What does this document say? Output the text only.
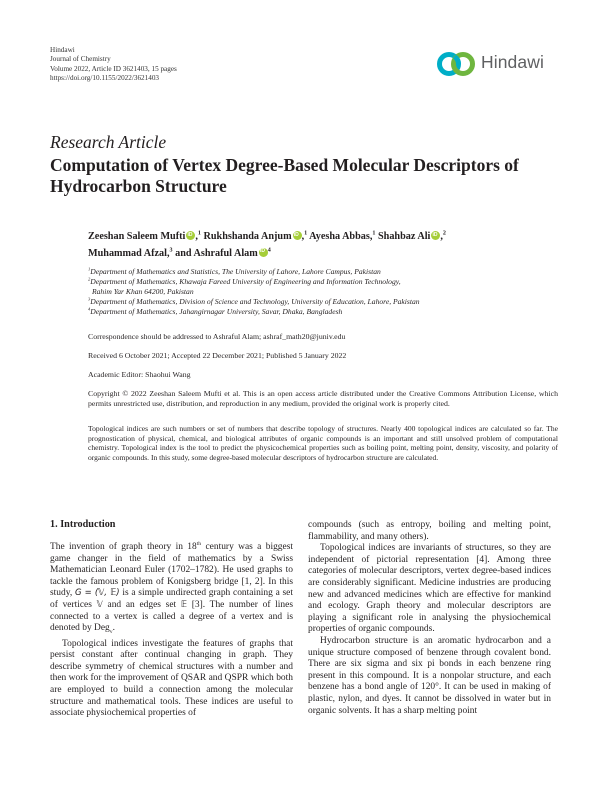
Hindawi
Journal of Chemistry
Volume 2022, Article ID 3621403, 15 pages
https://doi.org/10.1155/2022/3621403
Hindawi
Research Article
Computation of Vertex Degree-Based Molecular Descriptors of Hydrocarbon Structure
Zeeshan Saleem Mufti iD ,$^1$ Rukhshanda Anjum iD ,$^1$ Ayesha Abbas,$^1$ Shahbaz Ali iD ,$^2$
Muhammad Afzal,$^3$ and Ashraful Alam iD $^4$
$^1$Department of Mathematics and Statistics, The University of Lahore, Lahore Campus, Pakistan
$^2$Department of Mathematics, Khawaja Fareed University of Engineering and Information Technology,
Rahim Yar Khan 64200, Pakistan
$^3$Department of Mathematics, Division of Science and Technology, University of Education, Lahore, Pakistan
$^4$Department of Mathematics, Jahangirnagar University, Savar, Dhaka, Bangladesh
Correspondence should be addressed to Ashraful Alam; ashraf_math20@juniv.edu
Received 6 October 2021; Accepted 22 December 2021; Published 5 January 2022
Academic Editor: Shaohui Wang
Copyright © 2022 Zeeshan Saleem Mufti et al. This is an open access article distributed under the Creative Commons Attribution License, which permits unrestricted use, distribution, and reproduction in any medium, provided the original work is properly cited.
Topological indices are such numbers or set of numbers that describe topology of structures. Nearly 400 topological indices are calculated so far. The prognostication of physical, chemical, and biological attributes of organic compounds is an important and still unsolved problem of computational chemistry. Topological index is the tool to predict the physicochemical properties such as boiling point, melting point, density, viscosity, and polarity of organic compounds. In this study, some degree-based molecular descriptors of hydrocarbon structure are calculated.
1. Introduction

The invention of graph theory in 18th century was a biggest game changer in the field of mathematics by a Swiss Mathematician Leonard Euler (1702–1782). He used graphs to tackle the famous problem of Konigsberg bridge [1, 2]. In this study, G = (𝕍, 𝔼) is a simple undirected graph containing a set of vertices 𝕍 and an edges set 𝔼 [3]. The number of lines connected to a vertex is called a degree of a vertex and is denoted by Deg$_v$.

Topological indices investigate the features of graphs that persist constant after continual changing in graph. They describe symmetry of chemical structures with a number and then work for the improvement of QSAR and QSPR which both are employed to build a connection among the molecular structure and mathematical tools. These indices are useful to associate physiochemical properties of

compounds (such as entropy, boiling and melting point, flammability, and many others).

Topological indices are invariants of structures, so they are independent of pictorial representation [4]. Among three categories of molecular descriptors, vertex degree-based indices are considerably significant. Medicine industries are producing new and advanced medicines which are effective for mankind and ecology. Graph theory and molecular descriptors are playing a significant role in analysing the physiochemical properties of organic compounds.

Hydrocarbon structure is an aromatic hydrocarbon and a unique structure composed of benzene through covalent bond. There are six sigma and six pi bonds in each benzene ring present in this compound. It is a nonpolar structure, and each benzene has a bond angle of 120°. It can be used in making of plastic, nylon, and dyes. It cannot be dissolved in water but in organic solvents. It has a sharp melting point
